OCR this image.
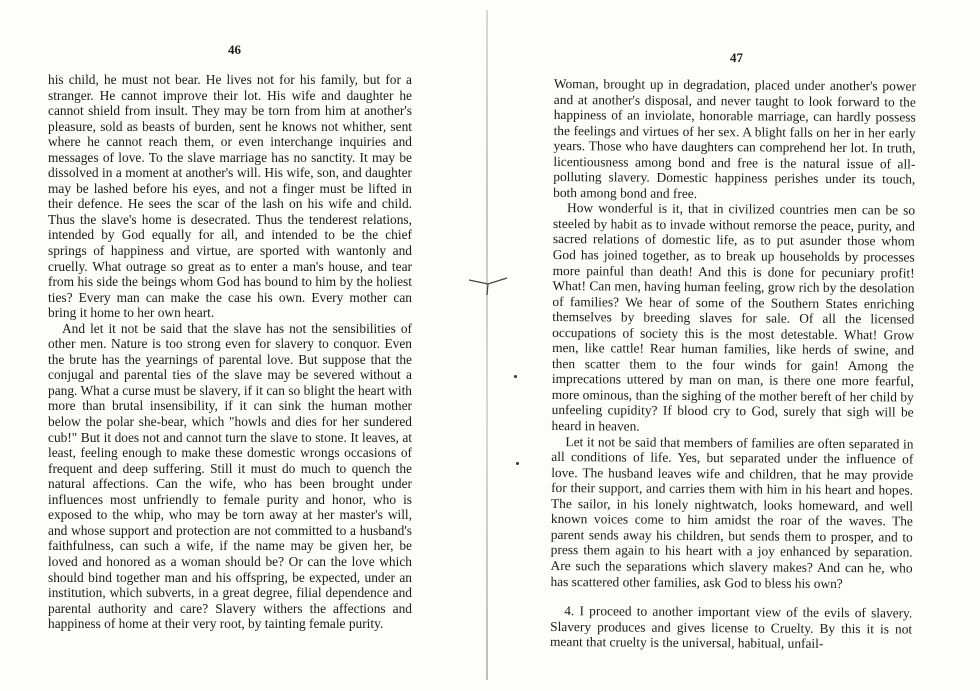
46

his child, he must not bear. He lives not for his family, but for a stranger. He cannot improve their lot. His wife and daughter he cannot shield from insult. They may be torn from him at another's pleasure, sold as beasts of burden, sent he knows not whither, sent where he cannot reach them, or even interchange inquiries and messages of love. To the slave marriage has no sanctity. It may be dissolved in a moment at another's will. His wife, son, and daughter may be lashed before his eyes, and not a finger must be lifted in their defence. He sees the scar of the lash on his wife and child. Thus the slave's home is desecrated. Thus the tenderest relations, intended by God equally for all, and intended to be the chief springs of happiness and virtue, are sported with wantonly and cruelly. What outrage so great as to enter a man's house, and tear from his side the beings whom God has bound to him by the holiest ties? Every man can make the case his own. Every mother can bring it home to her own heart.

And let it not be said that the slave has not the sensibilities of other men. Nature is too strong even for slavery to conquor. Even the brute has the yearnings of parental love. But suppose that the conjugal and parental ties of the slave may be severed without a pang. What a curse must be slavery, if it can so blight the heart with more than brutal insensibility, if it can sink the human mother below the polar she-bear, which "howls and dies for her sundered cub!" But it does not and cannot turn the slave to stone. It leaves, at least, feeling enough to make these domestic wrongs occasions of frequent and deep suffering. Still it must do much to quench the natural affections. Can the wife, who has been brought under influences most unfriendly to female purity and honor, who is exposed to the whip, who may be torn away at her master's will, and whose support and protection are not committed to a husband's faithfulness, can such a wife, if the name may be given her, be loved and honored as a woman should be? Or can the love which should bind together man and his offspring, be expected, under an institution, which subverts, in a great degree, filial dependence and parental authority and care? Slavery withers the affections and happiness of home at their very root, by tainting female purity.

47

Woman, brought up in degradation, placed under another's power and at another's disposal, and never taught to look forward to the happiness of an inviolate, honorable marriage, can hardly possess the feelings and virtues of her sex. A blight falls on her in her early years. Those who have daughters can comprehend her lot. In truth, licentiousness among bond and free is the natural issue of all-polluting slavery. Domestic happiness perishes under its touch, both among bond and free.

How wonderful is it, that in civilized countries men can be so steeled by habit as to invade without remorse the peace, purity, and sacred relations of domestic life, as to put asunder those whom God has joined together, as to break up households by processes more painful than death! And this is done for pecuniary profit! What! Can men, having human feeling, grow rich by the desolation of families? We hear of some of the Southern States enriching themselves by breeding slaves for sale. Of all the licensed occupations of society this is the most detestable. What! Grow men, like cattle! Rear human families, like herds of swine, and then scatter them to the four winds for gain! Among the imprecations uttered by man on man, is there one more fearful, more ominous, than the sighing of the mother bereft of her child by unfeeling cupidity? If blood cry to God, surely that sigh will be heard in heaven.

Let it not be said that members of families are often separated in all conditions of life. Yes, but separated under the influence of love. The husband leaves wife and children, that he may provide for their support, and carries them with him in his heart and hopes. The sailor, in his lonely nightwatch, looks homeward, and well known voices come to him amidst the roar of the waves. The parent sends away his children, but sends them to prosper, and to press them again to his heart with a joy enhanced by separation. Are such the separations which slavery makes? And can he, who has scattered other families, ask God to bless his own?

4. I proceed to another important view of the evils of slavery. Slavery produces and gives license to Cruelty. By this it is not meant that cruelty is the universal, habitual, unfail-
